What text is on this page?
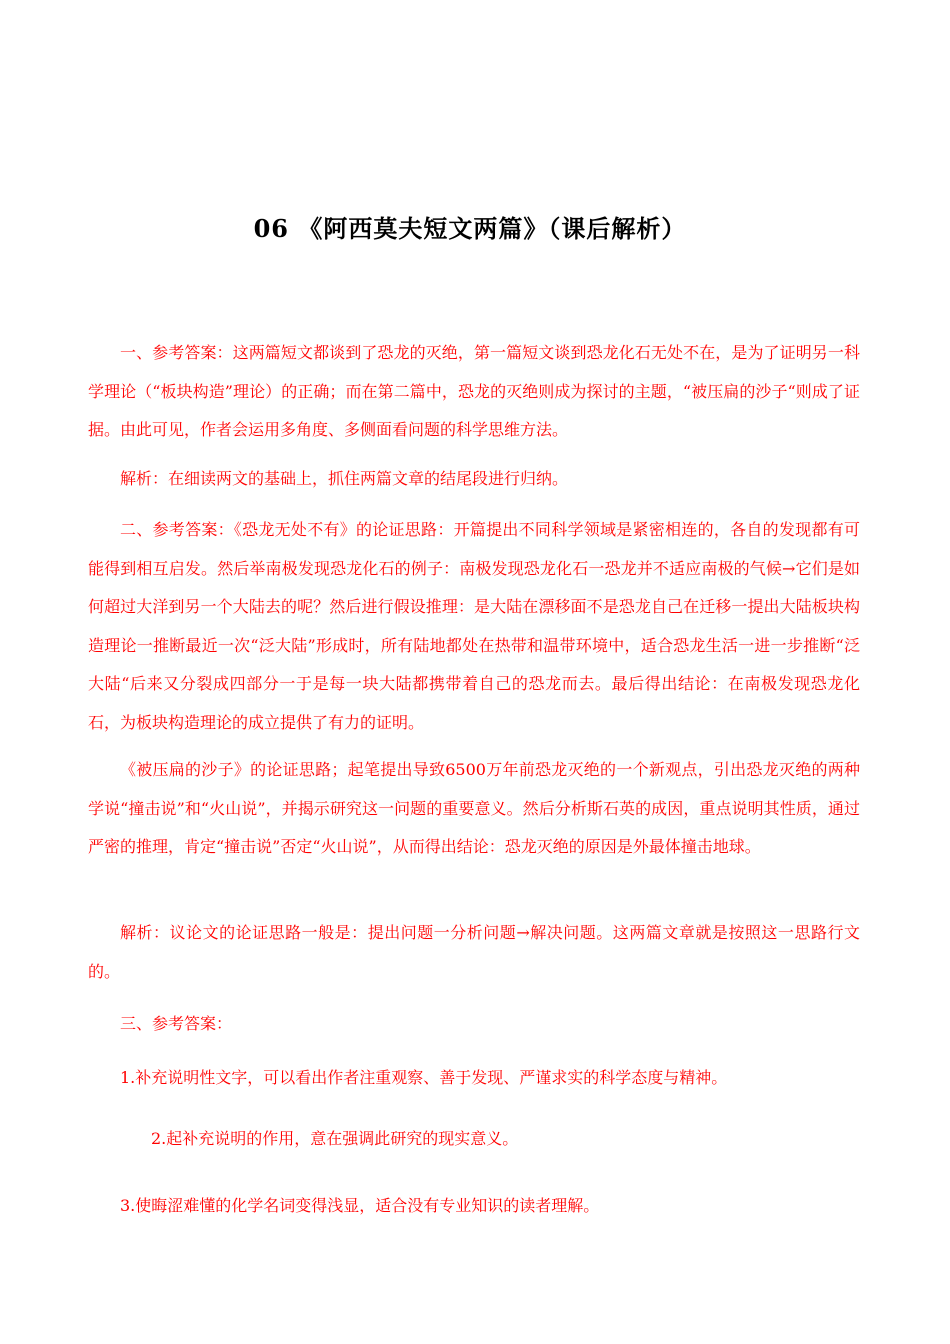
06 《阿西莫夫短文两篇》（课后解析）

一、参考答案：这两篇短文都谈到了恐龙的灭绝，第一篇短文谈到恐龙化石无处不在，是为了证明另一科学理论（“板块构造”理论）的正确；而在第二篇中，恐龙的灭绝则成为探讨的主题，“被压扁的沙子“则成了证据。由此可见，作者会运用多角度、多侧面看问题的科学思维方法。

解析：在细读两文的基础上，抓住两篇文章的结尾段进行归纳。

二、参考答案：《恐龙无处不有》的论证思路：开篇提出不同科学领域是紧密相连的，各自的发现都有可能得到相互启发。然后举南极发现恐龙化石的例子：南极发现恐龙化石一恐龙并不适应南极的气候→它们是如何超过大洋到另一个大陆去的呢？然后进行假设推理：是大陆在漂移面不是恐龙自己在迁移一提出大陆板块构造理论一推断最近一次“泛大陆”形成时，所有陆地都处在热带和温带环境中，适合恐龙生活一进一步推断“泛大陆“后来又分裂成四部分一于是每一块大陆都携带着自己的恐龙而去。最后得出结论：在南极发现恐龙化石，为板块构造理论的成立提供了有力的证明。

《被压扁的沙子》的论证思路；起笔提出导致6500万年前恐龙灭绝的一个新观点，引出恐龙灭绝的两种学说“撞击说”和“火山说”，并揭示研究这一问题的重要意义。然后分析斯石英的成因，重点说明其性质，通过严密的推理，肯定“撞击说”否定“火山说”，从而得出结论：恐龙灭绝的原因是外最体撞击地球。

解析：议论文的论证思路一般是：提出问题一分析问题→解决问题。这两篇文章就是按照这一思路行文的。

三、参考答案：

1.补充说明性文字，可以看出作者注重观察、善于发现、严谨求实的科学态度与精神。

2.起补充说明的作用，意在强调此研究的现实意义。

3.使晦涩难懂的化学名词变得浅显，适合没有专业知识的读者理解。
